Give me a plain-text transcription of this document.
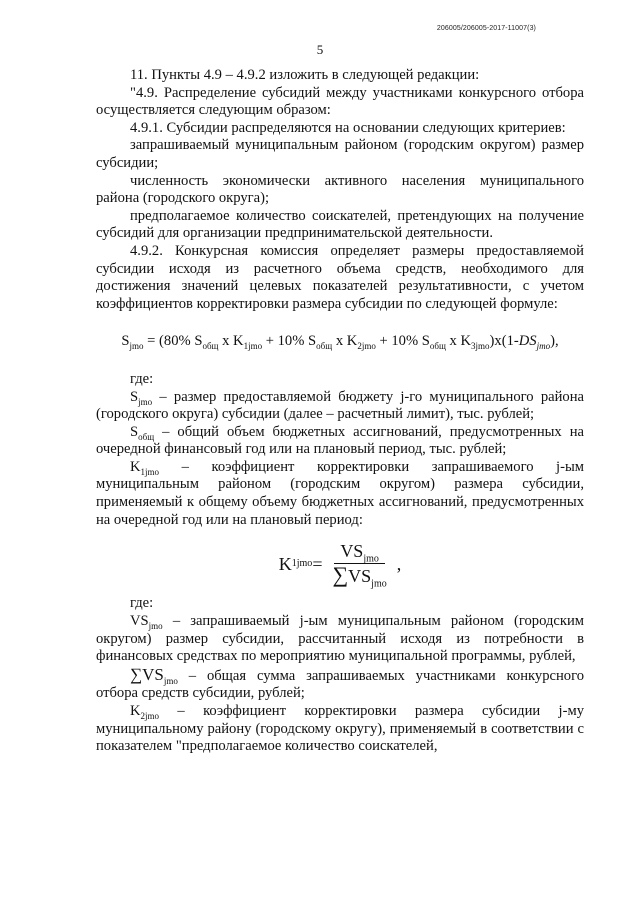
206005/206005-2017-11007(3)
5

11. Пункты 4.9 – 4.9.2 изложить в следующей редакции:

"4.9. Распределение субсидий между участниками конкурсного отбора осуществляется следующим образом:

4.9.1. Субсидии распределяются на основании следующих критериев:

запрашиваемый муниципальным районом (городским округом) размер субсидии;

численность экономически активного населения муниципального района (городского округа);

предполагаемое количество соискателей, претендующих на получение субсидий для организации предпринимательской деятельности.

4.9.2. Конкурсная комиссия определяет размеры предоставляемой субсидии исходя из расчетного объема средств, необходимого для достижения значений целевых показателей результативности, с учетом коэффициентов корректировки размера субсидии по следующей формуле:

$S_{jmo} = (80\%$ $S_{общ}$ x $K_{1jmo} + 10\%$ $S_{общ}$ x $K_{2jmo} + 10\%$ $S_{общ}$ x $K_{3jmo})x(1-DS_{jmo})$,

где:

$S_{jmo}$ – размер предоставляемой бюджету j-го муниципального района (городского округа) субсидии (далее – расчетный лимит), тыс. рублей;

$S_{общ}$ – общий объем бюджетных ассигнований, предусмотренных на очередной финансовый год или на плановый период, тыс. рублей;

$K_{1jmo}$ – коэффициент корректировки запрашиваемого j-ым муниципальным районом (городским округом) размера субсидии, применяемый к общему объему бюджетных ассигнований, предусмотренных на очередной год или на плановый период:

K $1jmo = \frac{VS_{jmo}}{\sum VS_{jmo}}$ ,

где:

$VS_{jmo}$ – запрашиваемый j-ым муниципальным районом (городским округом) размер субсидии, рассчитанный исходя из потребности в финансовых средствах по мероприятию муниципальной программы, рублей,

$\sum VS_{jmo}$ – общая сумма запрашиваемых участниками конкурсного отбора средств субсидии, рублей;

$K_{2jmo}$ – коэффициент корректировки размера субсидии j-му муниципальному району (городскому округу), применяемый в соответствии с показателем "предполагаемое количество соискателей,
